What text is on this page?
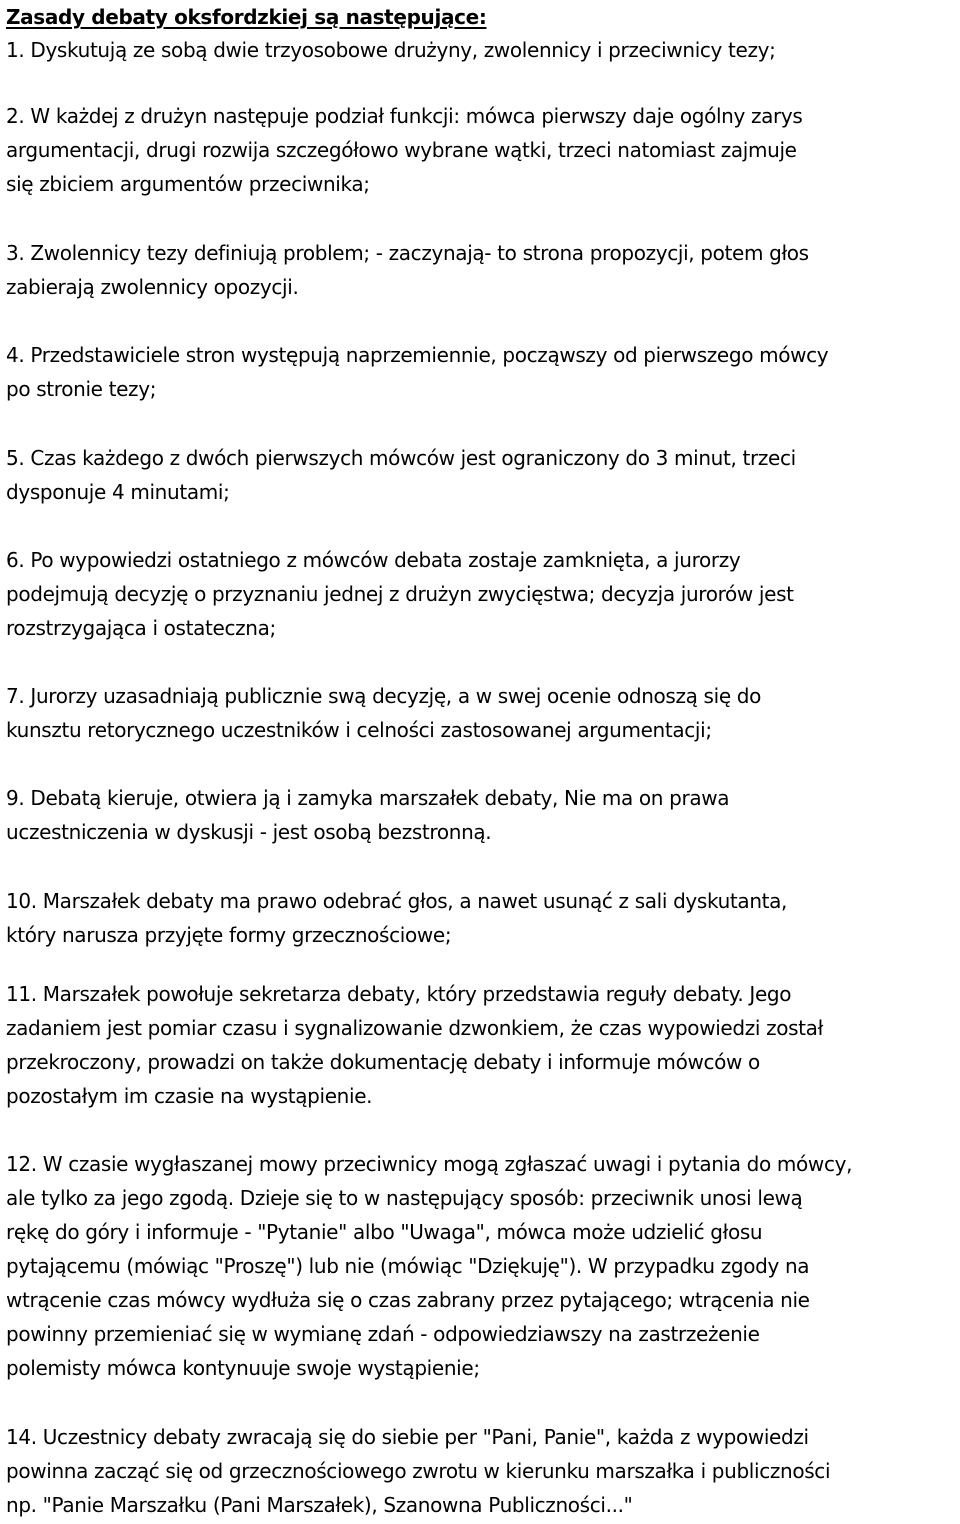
Zasady debaty oksfordzkiej są następujące:
1. Dyskutują ze sobą dwie trzyosobowe drużyny, zwolennicy i przeciwnicy tezy;
2. W każdej z drużyn następuje podział funkcji: mówca pierwszy daje ogólny zarys
argumentacji, drugi rozwija szczegółowo wybrane wątki, trzeci natomiast zajmuje
się zbiciem argumentów przeciwnika;
3. Zwolennicy tezy definiują problem; - zaczynają- to strona propozycji, potem głos
zabierają zwolennicy opozycji.
4. Przedstawiciele stron występują naprzemiennie, począwszy od pierwszego mówcy
po stronie tezy;
5. Czas każdego z dwóch pierwszych mówców jest ograniczony do 3 minut, trzeci
dysponuje 4 minutami;
6. Po wypowiedzi ostatniego z mówców debata zostaje zamknięta, a jurorzy
podejmują decyzję o przyznaniu jednej z drużyn zwycięstwa; decyzja jurorów jest
rozstrzygająca i ostateczna;
7. Jurorzy uzasadniają publicznie swą decyzję, a w swej ocenie odnoszą się do
kunsztu retorycznego uczestników i celności zastosowanej argumentacji;
9. Debatą kieruje, otwiera ją i zamyka marszałek debaty, Nie ma on prawa
uczestniczenia w dyskusji - jest osobą bezstronną.
10. Marszałek debaty ma prawo odebrać głos, a nawet usunąć z sali dyskutanta,
który narusza przyjęte formy grzecznościowe;
11. Marszałek powołuje sekretarza debaty, który przedstawia reguły debaty. Jego
zadaniem jest pomiar czasu i sygnalizowanie dzwonkiem, że czas wypowiedzi został
przekroczony, prowadzi on także dokumentację debaty i informuje mówców o
pozostałym im czasie na wystąpienie.
12. W czasie wygłaszanej mowy przeciwnicy mogą zgłaszać uwagi i pytania do mówcy,
ale tylko za jego zgodą. Dzieje się to w następujący sposób: przeciwnik unosi lewą
rękę do góry i informuje - "Pytanie" albo "Uwaga", mówca może udzielić głosu
pytającemu (mówiąc "Proszę") lub nie (mówiąc "Dziękuję"). W przypadku zgody na
wtrącenie czas mówcy wydłuża się o czas zabrany przez pytającego; wtrącenia nie
powinny przemieniać się w wymianę zdań - odpowiedziawszy na zastrzeżenie
polemisty mówca kontynuuje swoje wystąpienie;
14. Uczestnicy debaty zwracają się do siebie per "Pani, Panie", każda z wypowiedzi
powinna zacząć się od grzecznościowego zwrotu w kierunku marszałka i publiczności
np. "Panie Marszałku (Pani Marszałek), Szanowna Publiczności..."
